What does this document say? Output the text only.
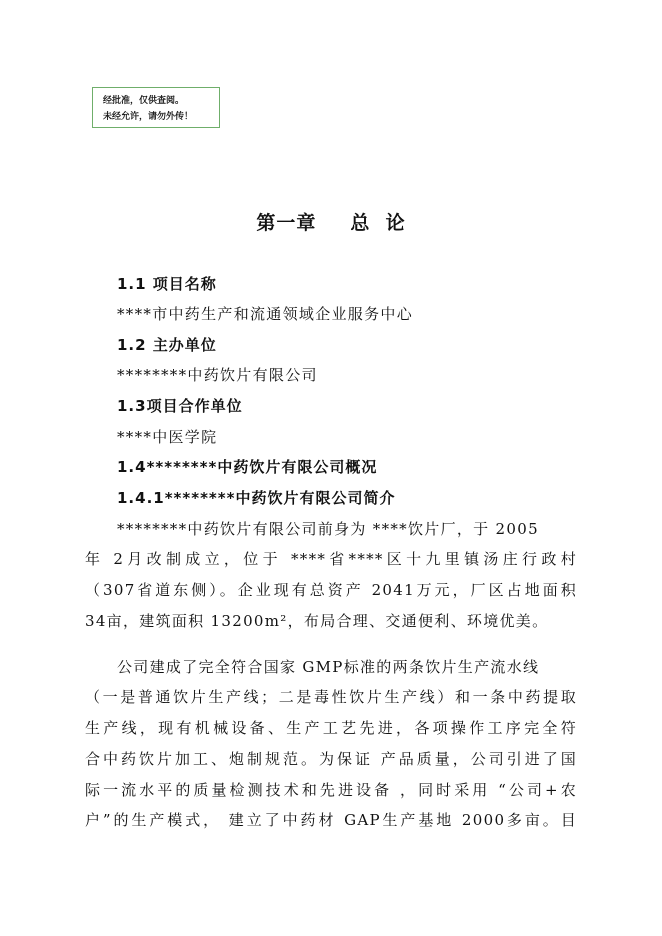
经批准，仅供查阅。
未经允许，请勿外传！
第一章 总  论
1.1 项目名称
****市中药生产和流通领域企业服务中心
1.2 主办单位
********中药饮片有限公司
1.3项目合作单位
****中医学院
1.4********中药饮片有限公司概况
1.4.1********中药饮片有限公司简介
********中药饮片有限公司前身为 ****饮片厂，于 2005
年 2月改制成立，位于 ****省****区十九里镇汤庄行政村
（307省道东侧）。企业现有总资产 2041万元，厂区占地面积
34亩，建筑面积 13200m²，布局合理、交通便利、环境优美。
公司建成了完全符合国家 GMP标准的两条饮片生产流水线
（一是普通饮片生产线；二是毒性饮片生产线）和一条中药提取
生产线，现有机械设备、生产工艺先进，各项操作工序完全符
合中药饮片加工、炮制规范。为保证 产品质量，公司引进了国
际一流水平的质量检测技术和先进设备 ，同时采用 “公司+农
户”的生产模式， 建立了中药材 GAP生产基地 2000多亩。目
